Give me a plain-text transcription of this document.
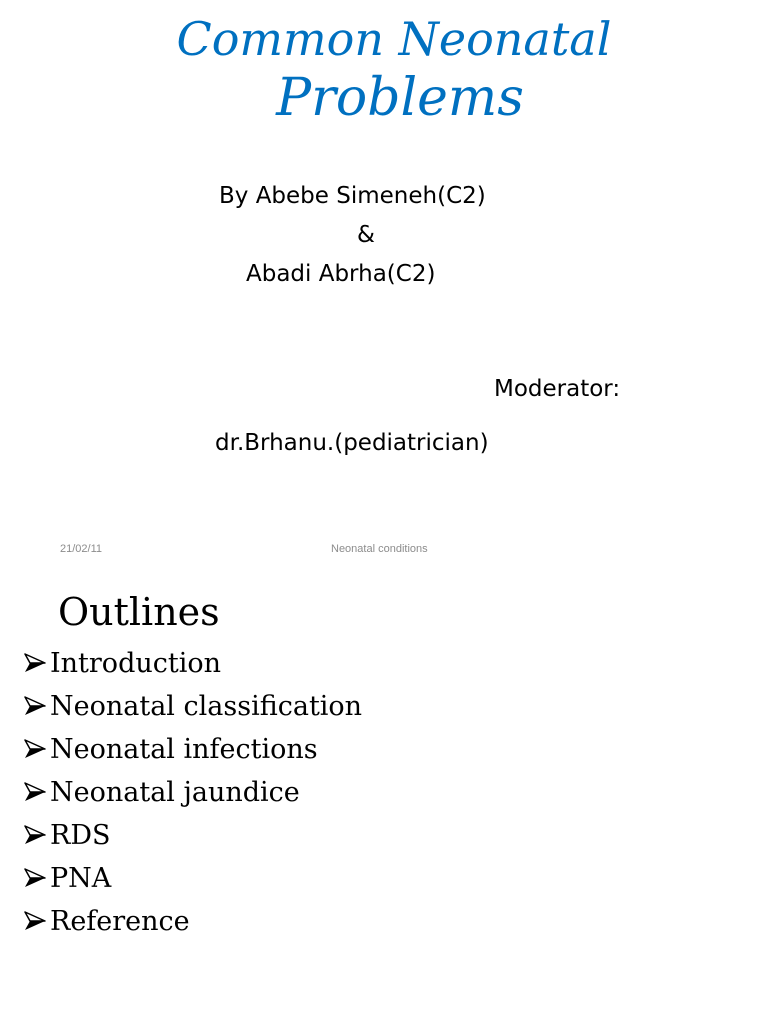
Common Neonatal
Problems
By Abebe Simeneh(C2)
&
Abadi Abrha(C2)
Moderator:
dr.Brhanu.(pediatrician)
21/02/11	Neonatal conditions
Outlines
Introduction
Neonatal classification
Neonatal infections
Neonatal jaundice
RDS
PNA
Reference
